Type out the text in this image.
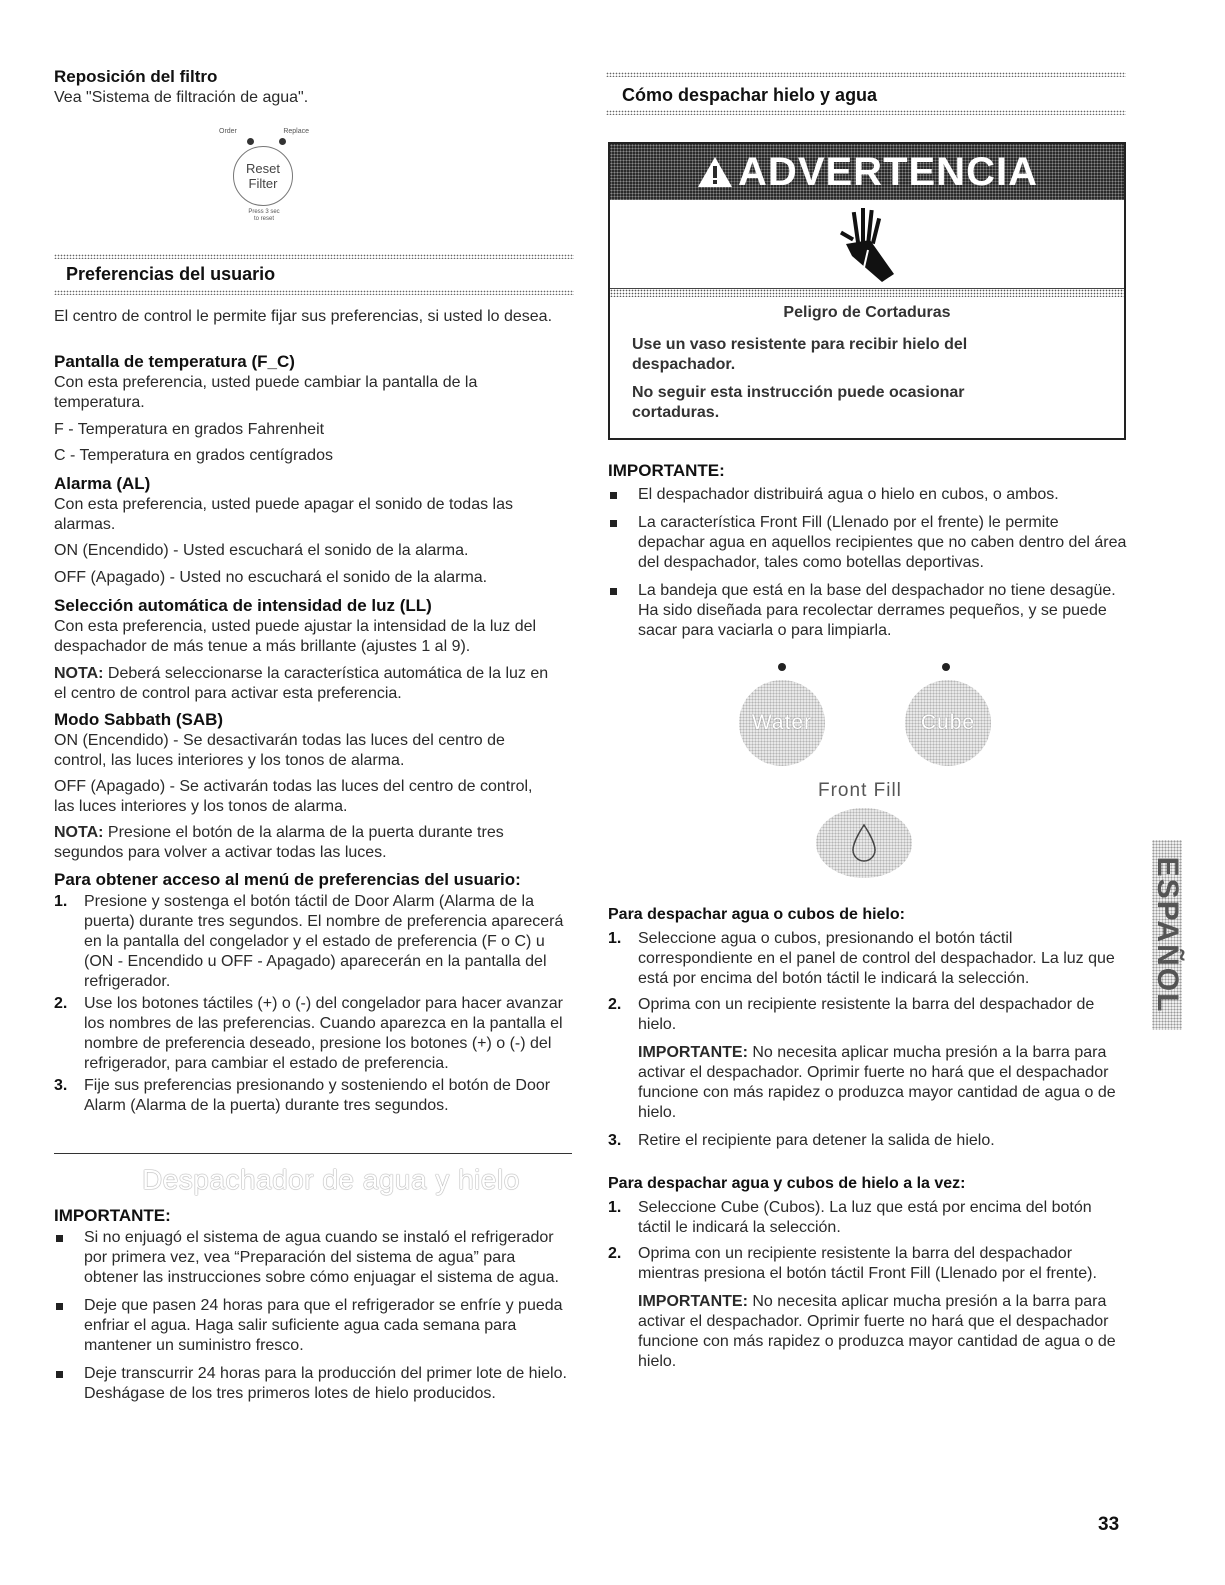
Reposición del filtro

Vea "Sistema de filtración de agua".

Preferencias del usuario

El centro de control le permite fijar sus preferencias, si usted lo desea.

Pantalla de temperatura (F_C)

Con esta preferencia, usted puede cambiar la pantalla de la temperatura.

F - Temperatura en grados Fahrenheit

C - Temperatura en grados centígrados

Alarma (AL)

Con esta preferencia, usted puede apagar el sonido de todas las alarmas.

ON (Encendido) - Usted escuchará el sonido de la alarma.

OFF (Apagado) - Usted no escuchará el sonido de la alarma.

Selección automática de intensidad de luz (LL)

Con esta preferencia, usted puede ajustar la intensidad de la luz del despachador de más tenue a más brillante (ajustes 1 al 9).

NOTA: Deberá seleccionarse la característica automática de la luz en el centro de control para activar esta preferencia.

Modo Sabbath (SAB)

ON (Encendido) - Se desactivarán todas las luces del centro de control, las luces interiores y los tonos de alarma.

OFF (Apagado) - Se activarán todas las luces del centro de control, las luces interiores y los tonos de alarma.

NOTA: Presione el botón de la alarma de la puerta durante tres segundos para volver a activar todas las luces.

Para obtener acceso al menú de preferencias del usuario:
1. Presione y sostenga el botón táctil de Door Alarm (Alarma de la puerta) durante tres segundos. El nombre de preferencia aparecerá en la pantalla del congelador y el estado de preferencia (F o C) u (ON - Encendido u OFF - Apagado) aparecerán en la pantalla del refrigerador.
2. Use los botones táctiles (+) o (-) del congelador para hacer avanzar los nombres de las preferencias. Cuando aparezca en la pantalla el nombre de preferencia deseado, presione los botones (+) o (-) del refrigerador, para cambiar el estado de preferencia.
3. Fije sus preferencias presionando y sosteniendo el botón de Door Alarm (Alarma de la puerta) durante tres segundos.
IMPORTANTE:
Si no enjuagó el sistema de agua cuando se instaló el refrigerador por primera vez, vea “Preparación del sistema de agua” para obtener las instrucciones sobre cómo enjuagar el sistema de agua.
Deje que pasen 24 horas para que el refrigerador se enfríe y pueda enfriar el agua. Haga salir suficiente agua cada semana para mantener un suministro fresco.
Deje transcurrir 24 horas para la producción del primer lote de hielo. Deshágase de los tres primeros lotes de hielo producidos.
Order	Replace
Reset
Filter
Press 3 sec
to reset
Despachador de agua y hielo
Cómo despachar hielo y agua
ADVERTENCIA
Peligro de Cortaduras
Use un vaso resistente para recibir hielo del despachador.
No seguir esta instrucción puede ocasionar cortaduras.
IMPORTANTE:
El despachador distribuirá agua o hielo en cubos, o ambos.
La característica Front Fill (Llenado por el frente) le permite depachar agua en aquellos recipientes que no caben dentro del área del despachador, tales como botellas deportivas.
La bandeja que está en la base del despachador no tiene desagüe. Ha sido diseñada para recolectar derrames pequeños, y se puede sacar para vaciarla o para limpiarla.
Water	Cube
Front Fill
Para despachar agua o cubos de hielo:
1. Seleccione agua o cubos, presionando el botón táctil correspondiente en el panel de control del despachador. La luz que está por encima del botón táctil le indicará la selección.
2. Oprima con un recipiente resistente la barra del despachador de hielo.
IMPORTANTE: No necesita aplicar mucha presión a la barra para activar el despachador. Oprimir fuerte no hará que el despachador funcione con más rapidez o produzca mayor cantidad de agua o de hielo.
3. Retire el recipiente para detener la salida de hielo.
Para despachar agua y cubos de hielo a la vez:
1. Seleccione Cube (Cubos). La luz que está por encima del botón táctil le indicará la selección.
2. Oprima con un recipiente resistente la barra del despachador mientras presiona el botón táctil Front Fill (Llenado por el frente).
IMPORTANTE: No necesita aplicar mucha presión a la barra para activar el despachador. Oprimir fuerte no hará que el despachador funcione con más rapidez o produzca mayor cantidad de agua o de hielo.
ESPAÑOL
33
